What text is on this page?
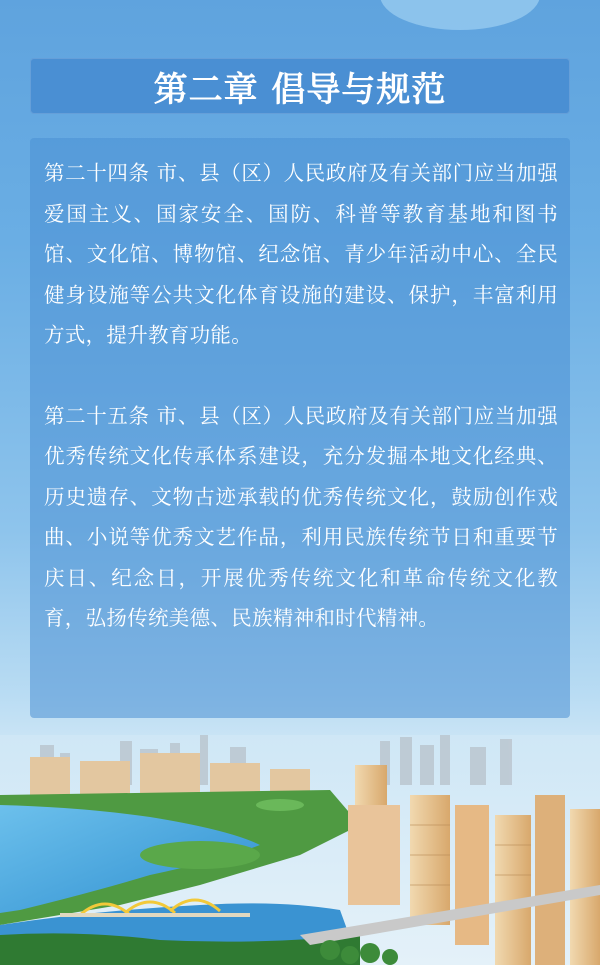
第二章 倡导与规范

第二十四条 市、县（区）人民政府及有关部门应当加强爱国主义、国家安全、国防、科普等教育基地和图书馆、文化馆、博物馆、纪念馆、青少年活动中心、全民健身设施等公共文化体育设施的建设、保护，丰富利用方式，提升教育功能。

第二十五条 市、县（区）人民政府及有关部门应当加强优秀传统文化传承体系建设，充分发掘本地文化经典、历史遗存、文物古迹承载的优秀传统文化，鼓励创作戏曲、小说等优秀文艺作品，利用民族传统节日和重要节庆日、纪念日，开展优秀传统文化和革命传统文化教育，弘扬传统美德、民族精神和时代精神。
